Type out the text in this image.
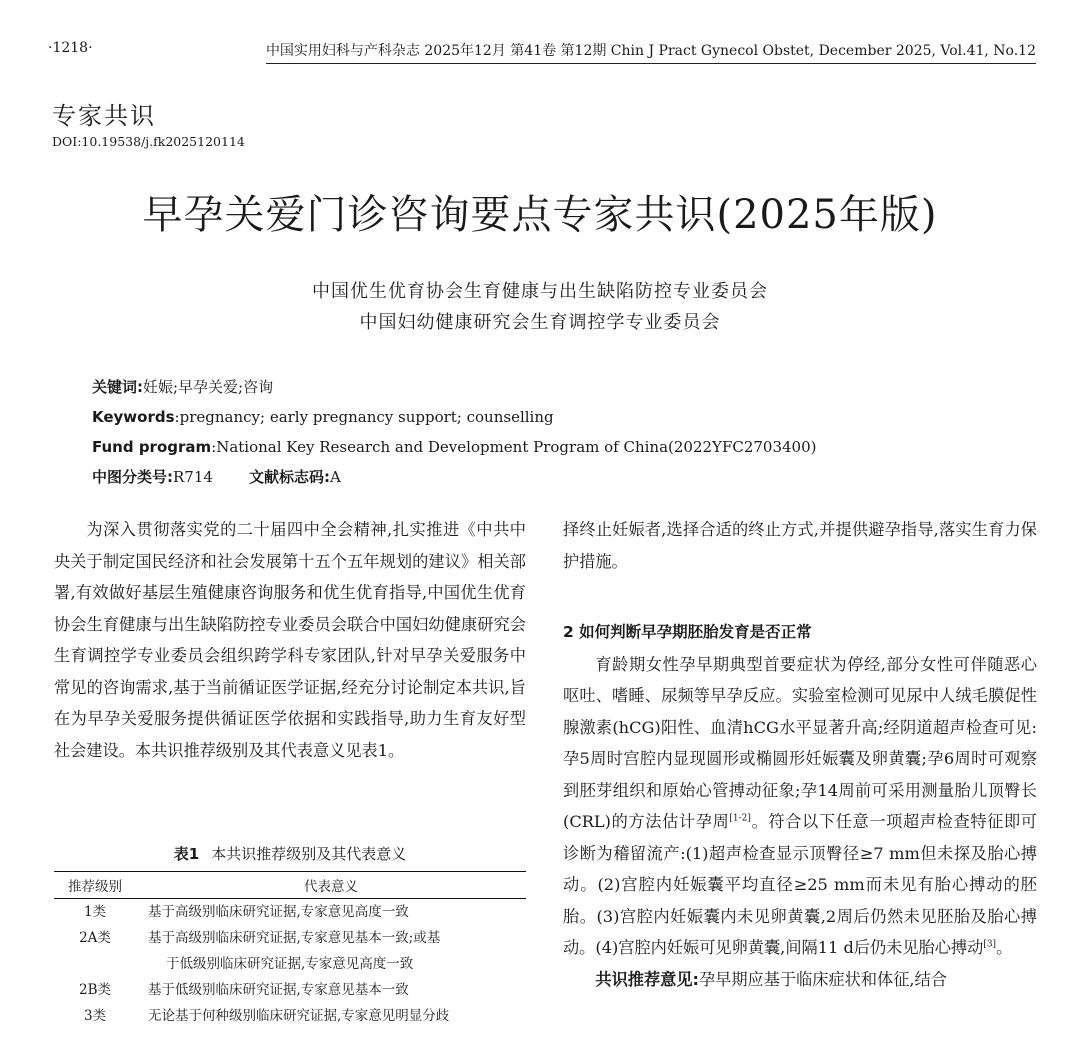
·1218·	中国实用妇科与产科杂志 2025年12月 第41卷 第12期 Chin J Pract Gynecol Obstet, December 2025, Vol.41, No.12
专家共识
DOI:10.19538/j.fk2025120114
早孕关爱门诊咨询要点专家共识(2025年版)
中国优生优育协会生育健康与出生缺陷防控专业委员会
中国妇幼健康研究会生育调控学专业委员会
关键词:妊娠;早孕关爱;咨询
Keywords:pregnancy; early pregnancy support; counselling
Fund program:National Key Research and Development Program of China(2022YFC2703400)
中图分类号:R714 文献标志码:A

为深入贯彻落实党的二十届四中全会精神,扎实推进《中共中央关于制定国民经济和社会发展第十五个五年规划的建议》相关部署,有效做好基层生殖健康咨询服务和优生优育指导,中国优生优育协会生育健康与出生缺陷防控专业委员会联合中国妇幼健康研究会生育调控学专业委员会组织跨学科专家团队,针对早孕关爱服务中常见的咨询需求,基于当前循证医学证据,经充分讨论制定本共识,旨在为早孕关爱服务提供循证医学依据和实践指导,助力生育友好型社会建设。本共识推荐级别及其代表意义见表1。

表1 本共识推荐级别及其代表意义
推荐级别	代表意义
1类	基于高级别临床研究证据,专家意见高度一致
2A类	基于高级别临床研究证据,专家意见基本一致;或基
于低级别临床研究证据,专家意见高度一致

2B类	基于低级别临床研究证据,专家意见基本一致
3类	无论基于何种级别临床研究证据,专家意见明显分歧

择终止妊娠者,选择合适的终止方式,并提供避孕指导,落实生育力保护措施。

2 如何判断早孕期胚胎发育是否正常

育龄期女性孕早期典型首要症状为停经,部分女性可伴随恶心呕吐、嗜睡、尿频等早孕反应。实验室检测可见尿中人绒毛膜促性腺激素(hCG)阳性、血清hCG水平显著升高;经阴道超声检查可见:孕5周时宫腔内显现圆形或椭圆形妊娠囊及卵黄囊;孕6周时可观察到胚芽组织和原始心管搏动征象;孕14周前可采用测量胎儿顶臀长(CRL)的方法估计孕周[1-2]。符合以下任意一项超声检查特征即可诊断为稽留流产:(1)超声检查显示顶臀径≥7 mm但未探及胎心搏动。(2)宫腔内妊娠囊平均直径≥25 mm而未见有胎心搏动的胚胎。(3)宫腔内妊娠囊内未见卵黄囊,2周后仍然未见胚胎及胎心搏动。(4)宫腔内妊娠可见卵黄囊,间隔11 d后仍未见胎心搏动[3]。

共识推荐意见:孕早期应基于临床症状和体征,结合
